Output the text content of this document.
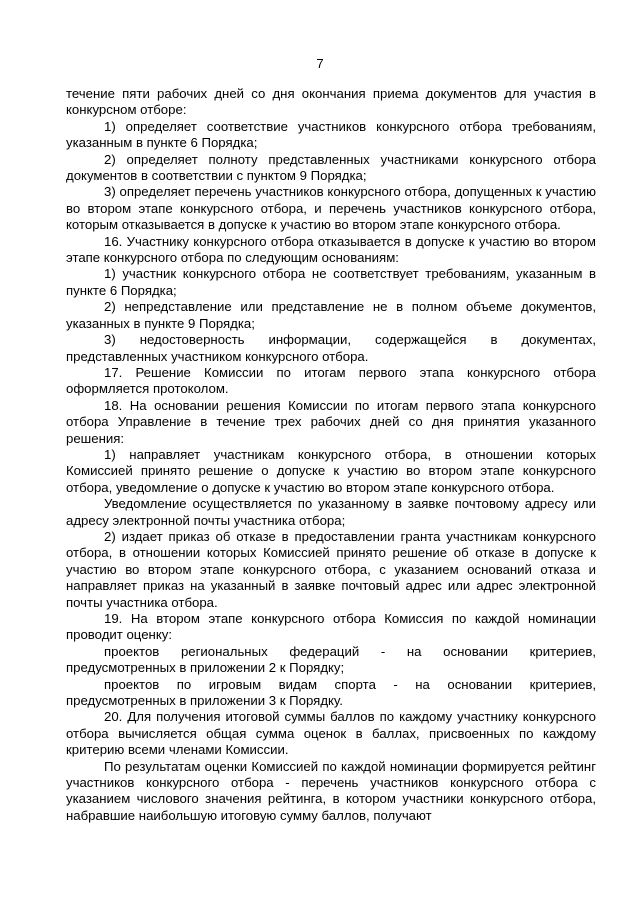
7

течение пяти рабочих дней со дня окончания приема документов для участия в конкурсном отборе:

1) определяет соответствие участников конкурсного отбора требованиям, указанным в пункте 6 Порядка;

2) определяет полноту представленных участниками конкурсного отбора документов в соответствии с пунктом 9 Порядка;

3) определяет перечень участников конкурсного отбора, допущенных к участию во втором этапе конкурсного отбора, и перечень участников конкурсного отбора, которым отказывается в допуске к участию во втором этапе конкурсного отбора.

16. Участнику конкурсного отбора отказывается в допуске к участию во втором этапе конкурсного отбора по следующим основаниям:

1) участник конкурсного отбора не соответствует требованиям, указанным в пункте 6 Порядка;

2) непредставление или представление не в полном объеме документов, указанных в пункте 9 Порядка;

3) недостоверность информации, содержащейся в документах, представленных участником конкурсного отбора.

17. Решение Комиссии по итогам первого этапа конкурсного отбора оформляется протоколом.

18. На основании решения Комиссии по итогам первого этапа конкурсного отбора Управление в течение трех рабочих дней со дня принятия указанного решения:

1) направляет участникам конкурсного отбора, в отношении которых Комиссией принято решение о допуске к участию во втором этапе конкурсного отбора, уведомление о допуске к участию во втором этапе конкурсного отбора.

Уведомление осуществляется по указанному в заявке почтовому адресу или адресу электронной почты участника отбора;

2) издает приказ об отказе в предоставлении гранта участникам конкурсного отбора, в отношении которых Комиссией принято решение об отказе в допуске к участию во втором этапе конкурсного отбора, с указанием оснований отказа и направляет приказ на указанный в заявке почтовый адрес или адрес электронной почты участника отбора.

19. На втором этапе конкурсного отбора Комиссия по каждой номинации проводит оценку:

проектов региональных федераций - на основании критериев, предусмотренных в приложении 2 к Порядку;

проектов по игровым видам спорта - на основании критериев, предусмотренных в приложении 3 к Порядку.

20. Для получения итоговой суммы баллов по каждому участнику конкурсного отбора вычисляется общая сумма оценок в баллах, присвоенных по каждому критерию всеми членами Комиссии.

По результатам оценки Комиссией по каждой номинации формируется рейтинг участников конкурсного отбора - перечень участников конкурсного отбора с указанием числового значения рейтинга, в котором участники конкурсного отбора, набравшие наибольшую итоговую сумму баллов, получают
